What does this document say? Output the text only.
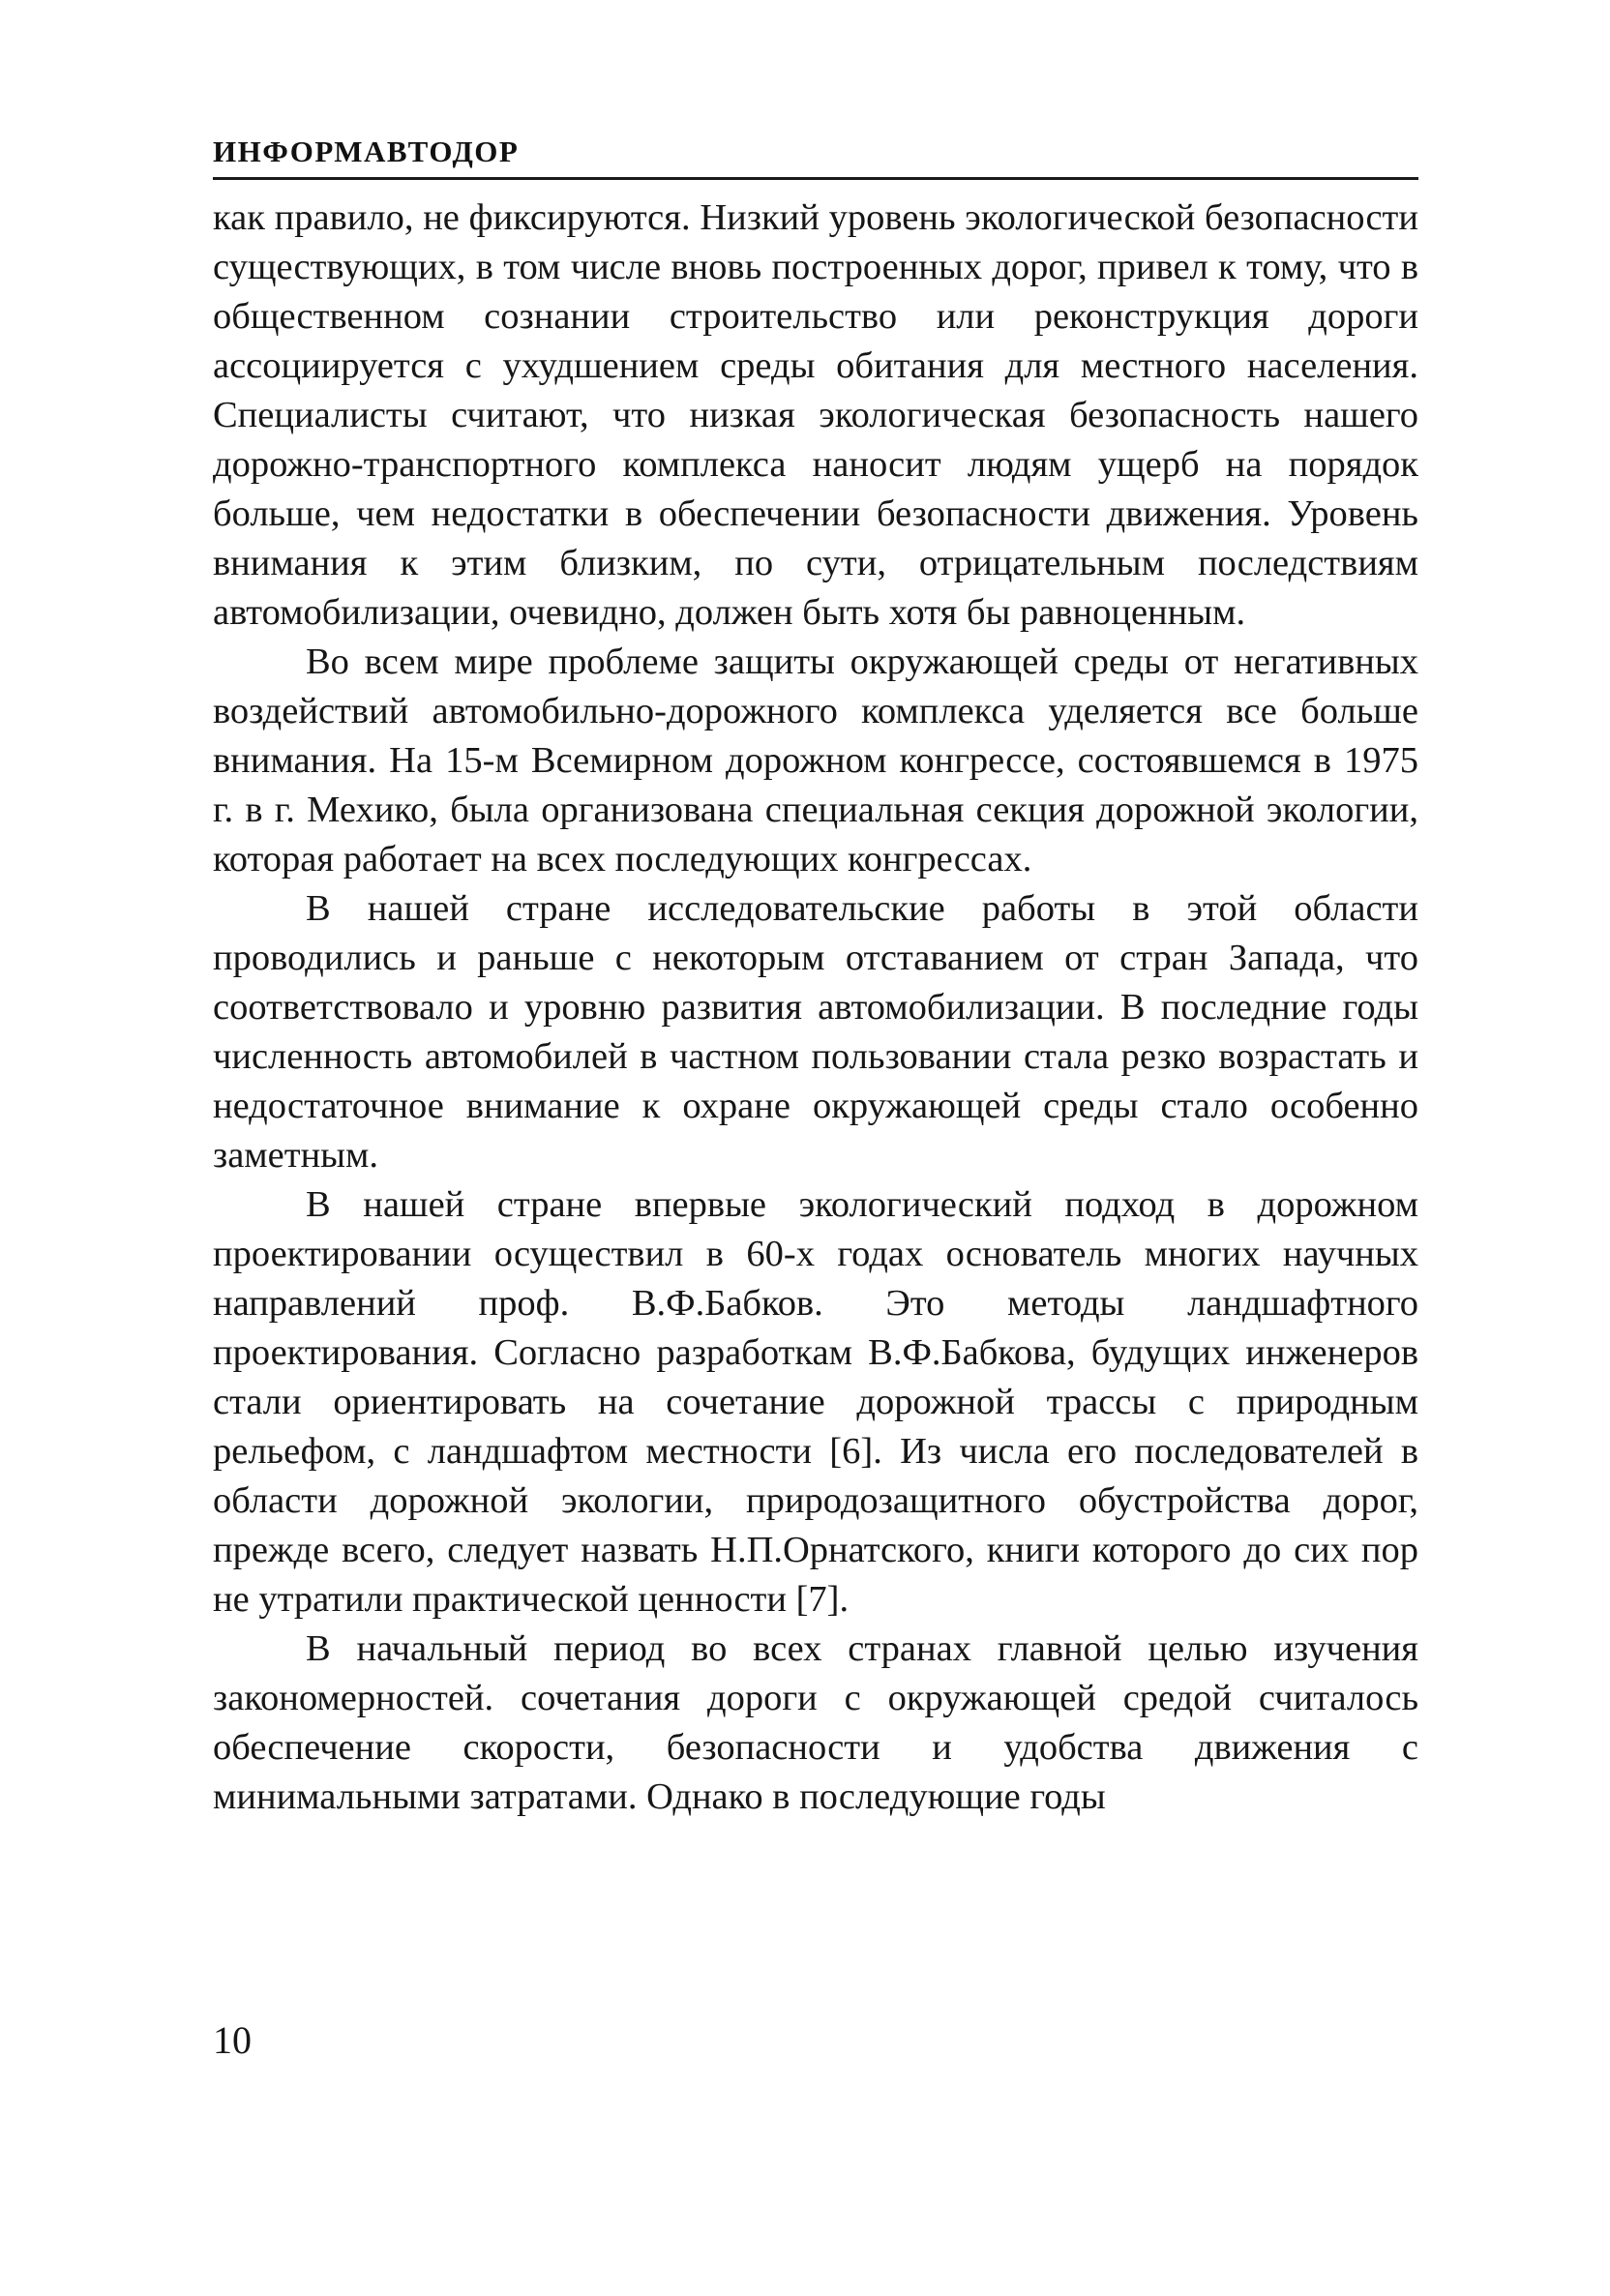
ИНФОРМАВТОДОР

как правило, не фиксируются. Низкий уровень экологической безопасности существующих, в том числе вновь построенных дорог, привел к тому, что в общественном сознании строительство или реконструкция дороги ассоциируется с ухудшением среды обитания для местного населения. Специалисты считают, что низкая экологическая безопасность нашего дорожно-транспортного комплекса наносит людям ущерб на порядок больше, чем недостатки в обеспечении безопасности движения. Уровень внимания к этим близким, по сути, отрицательным последствиям автомобилизации, очевидно, должен быть хотя бы равноценным.

Во всем мире проблеме защиты окружающей среды от негативных воздействий автомобильно-дорожного комплекса уделяется все больше внимания. На 15-м Всемирном дорожном конгрессе, состоявшемся в 1975 г. в г. Мехико, была организована специальная секция дорожной экологии, которая работает на всех последующих конгрессах.

В нашей стране исследовательские работы в этой области проводились и раньше с некоторым отставанием от стран Запада, что соответствовало и уровню развития автомобилизации. В последние годы численность автомобилей в частном пользовании стала резко возрастать и недостаточное внимание к охране окружающей среды стало особенно заметным.

В нашей стране впервые экологический подход в дорожном проектировании осуществил в 60-х годах основатель многих научных направлений проф. В.Ф.Бабков. Это методы ландшафтного проектирования. Согласно разработкам В.Ф.Бабкова, будущих инженеров стали ориентировать на сочетание дорожной трассы с природным рельефом, с ландшафтом местности [6]. Из числа его последователей в области дорожной экологии, природозащитного обустройства дорог, прежде всего, следует назвать Н.П.Орнатского, книги которого до сих пор не утратили практической ценности [7].

В начальный период во всех странах главной целью изучения закономерностей. сочетания дороги с окружающей средой считалось обеспечение скорости, безопасности и удобства движения с минимальными затратами. Однако в последующие годы

10
